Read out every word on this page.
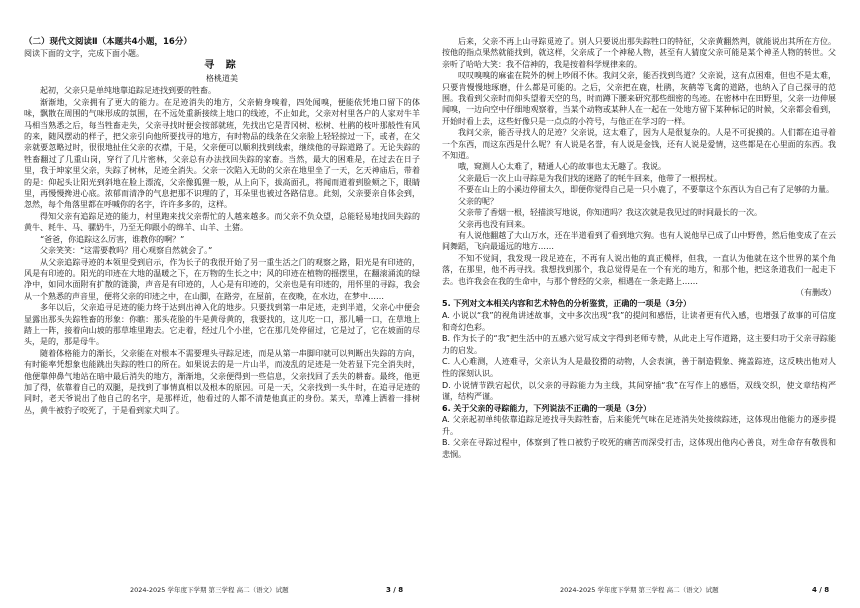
（二）现代文阅读Ⅱ（本题共4小题，16分）

阅读下面的文字，完成下面小题。

寻 踪

格桃道美

起初，父亲只是单纯地靠追踪足迹找到要的牲畜。

渐渐地，父亲拥有了更大的能力。在足迹消失的地方，父亲俯身嗅着，四处闻嗅，便能依凭地口留下的体味，飘散在周围的气味形成的氛围，在不远处重新接续上地口的线迹，不止如此，父亲对村里各户的人家对牛羊马相当熟悉之后，每当牲畜走失，父亲寻找时便会按部就班，先找出它是青冈树、松树、杜鹃的枝叶那般性有风的来，随风摆动的样子，把父亲引向他所要找寻的地方，有时物品的线条在父亲脸上轻轻掠过一下，或者，在父亲就要忽略过时，很很地扯住父亲的衣襟，于是，父亲便可以顺利找到线索，继续他的寻踪道路了。无论失踪的牲畜翻过了几重山岗，穿行了几片密林，父亲总有办法找回失踪的家畜。当然，最大的困难是，在过去在日子里，我于坤家里父亲，失踪了树林，足迹全消失。父亲一次陷入无助的父亲在地里坐了一天，乞天神庙后，带着的是：仰起头让阳光到斜地在脸上漂流，父亲像狐狸一般，从上向下，拔高面孔，将闻而道着到脸颊之下，眼睛里，再慢慢搀进心底。浓郁而清净的气息把那不识理的了，耳朵里也被过各路信息。此刻，父亲要亲自体会到，忽然，每个角落里都在呼喊你的名字，许许多多的，这样。

得知父亲有追踪足迹的能力，村里跑来找父亲帮忙的人越来越多。而父亲不负众望，总能轻易地找回失踪的黄牛、耗牛、马、骡奶牛，乃至无仰跟小的绵羊、山羊、土猪。

“爸爸，你追踪这么厉害，谁教你的啊？”

父亲笑笑：“这需要教吗？用心观察自然就会了。”

从父亲追踪寻迹的本领里受到启示，作为长子的我很开始了另一重生活之门的观察之路，阳光是有印迹的，风是有印迹的。阳光的印迹在大地的温暖之下，在万物的生长之中；风的印迹在植物的摇摆里，在翻滚涌流的绿净中，如同水面附有扩散的涟漪，声音是有印迹的，人心是有印迹的，父亲也是有印迹的，用怀里的寻踪，我会从一个熟悉的声音里，便将父亲的印迹之中，在山脚，在路旁，在屋前，在夜晚，在水边，在梦中……

多年以后，父亲追寻足迹的能力终于达到出神入化的地步。只要找到第一串足迹，走到半道，父亲心中便会显露出那头失踪牲畜的形象：你瞧：那头花脸的牛是黄母黄的，我要找的，这儿吃一口，那儿嚼一口，在草地上踏上一阵，接着向山坡的那草堆里跑去。它走着，经过几个小崖，它在那几处停留过，它是过了，它在坡面的尽头，是的，那是母牛。

随着体格能力的渐长，父亲能在对根本不需要理头寻踪足迹，而是从第一串脚印就可以判断出失踪的方向，有时能率凭想象也能跳出失踪的牲口的所在。如果说去的是一片山半，而凌乱的足迹是一处若显下完全消失时，他便靠伸鼻气地站在暗中最后消失的地方，渐渐地，父亲便得到一些信息，父亲找回了丢失的耕畜。最终，他更加了得，依靠着自己的双腿，是找到了事情真相以及根本的原因。可是一天，父亲找到一头牛时，在追寻足迹的同时，老天爷说出了他自己的名字，是那样近，他看过的人都不清楚他真正的身份。某天，草滩上洒着一排树丛，黄牛被豹子咬死了，于是看到家犬叫了。

2024-2025 学年度下学期 第三学程 高二（语文）试题	3 / 8

后来，父亲不再上山寻踪觅迹了。别人只要说出那失踪牲口的特征，父亲黄翻然判，就能说出其所在方位。按他的指点果然就能找到，就这样，父亲成了一个神秘人物，甚至有人猜度父亲可能是某个神圣人物的转世。父亲听了哈哈大笑：我不信神的，我是按着科学规律来的。

叹叹嗅嗅的麻雀在院外的树上吵闹不休。我问父亲，能否找到鸟道？父亲说，这有点困难，但也不是太难，只要肯慢慢地琢磨，什么都是可能的。之后，父亲把在鹿，杜鹃，灰鹤等飞禽的道路，也纳入了自己探寻的范围。我看到父亲时而仰头望着天空的鸟，时而蹲下腰来研究那些细密的鸟迹。在密林中在田野里，父亲一边伸展闻嗅，一边向空中仔细地观察着，当某个动物或某种人在一起在一处地方留下某种标记的时候，父亲都会看到，开始时看上去，这些好像只是一点点的小符号，与他正在学习的一样。

我问父亲，能否寻找人的足迹？父亲说，这太难了，因为人是很复杂的。人是不可捉摸的。人们都在追寻着一个东西，而这东西是什么呢？有人说是名誉，有人说是金钱，还有人说是爱情，这些都是在心里面的东西。我不知道。

哦，窥测人心太难了，精通人心的故事也太无趣了。我说。

父亲最后一次上山寻踪是为我们找的迷路了的牦牛回来，他带了一根拐杖。

不要在山上的小溪边停留太久，即便你觉得自己是一只小鹿了，不要靠这个东西认为自己有了足够的力量。

父亲的呢？

父亲带了香烟一根，轻描淡写地说，你知道吗？我这次就是我见过的时间最长的一次。

父亲再也没有回来。

有人说他翻越了大山万水，还在半道看到了看到地穴狗。也有人说他早已成了山中野兽，然后他变成了在云间舞蹈，飞向最遥远的地方……

不知不觉间，我发现一段足迹在，不再有人说出他的真正模样，但我，一直认为他就在这个世界的某个角落，在那里，他不再寻找。我想找到那个，我总觉得是在一个有光的地方，和那个他，把这条道我们一起走下去。也许我会在我的生命中，与那个曾经的父亲，相遇在一条走路上……

（有删改）

5. 下列对文本相关内容和艺术特色的分析鉴赏，正确的一项是（3分）

A. 小说以“我”的视角讲述故事，文中多次出现“我”的提问和感悟，让读者更有代入感，也增强了故事的可信度和奇幻色彩。

B. 作为长子的“我”把生活中的五感六觉写成文字得到老师专赞，从此走上写作道路，这主要归功于父亲寻踪能力的启发。

C. 人心难测，人迹难寻，父亲认为人是最狡猾的动物，人会表演，善于制造假象、掩盖踪迹，这反映出他对人性的深刻认识。

D. 小说情节跌宕起伏，以父亲的寻踪能力为主线，其间穿插“我”在写作上的感悟，双线交织，使文章结构严谨，结构严谨。

6. 关于父亲的寻踪能力，下列说法不正确的一项是（3分）

A. 父亲起初单纯依靠追踪足迹找寻失踪牲畜，后来能凭气味在足迹消失处接续踪迹，这体现出他能力的逐步提升。

B. 父亲在寻踪过程中，体察到了牲口被豹子咬死的痛苦而深受打击，这体现出他内心善良，对生命存有敬畏和悲悯。

2024-2025 学年度下学期 第三学程 高二（语文）试题	4 / 8
